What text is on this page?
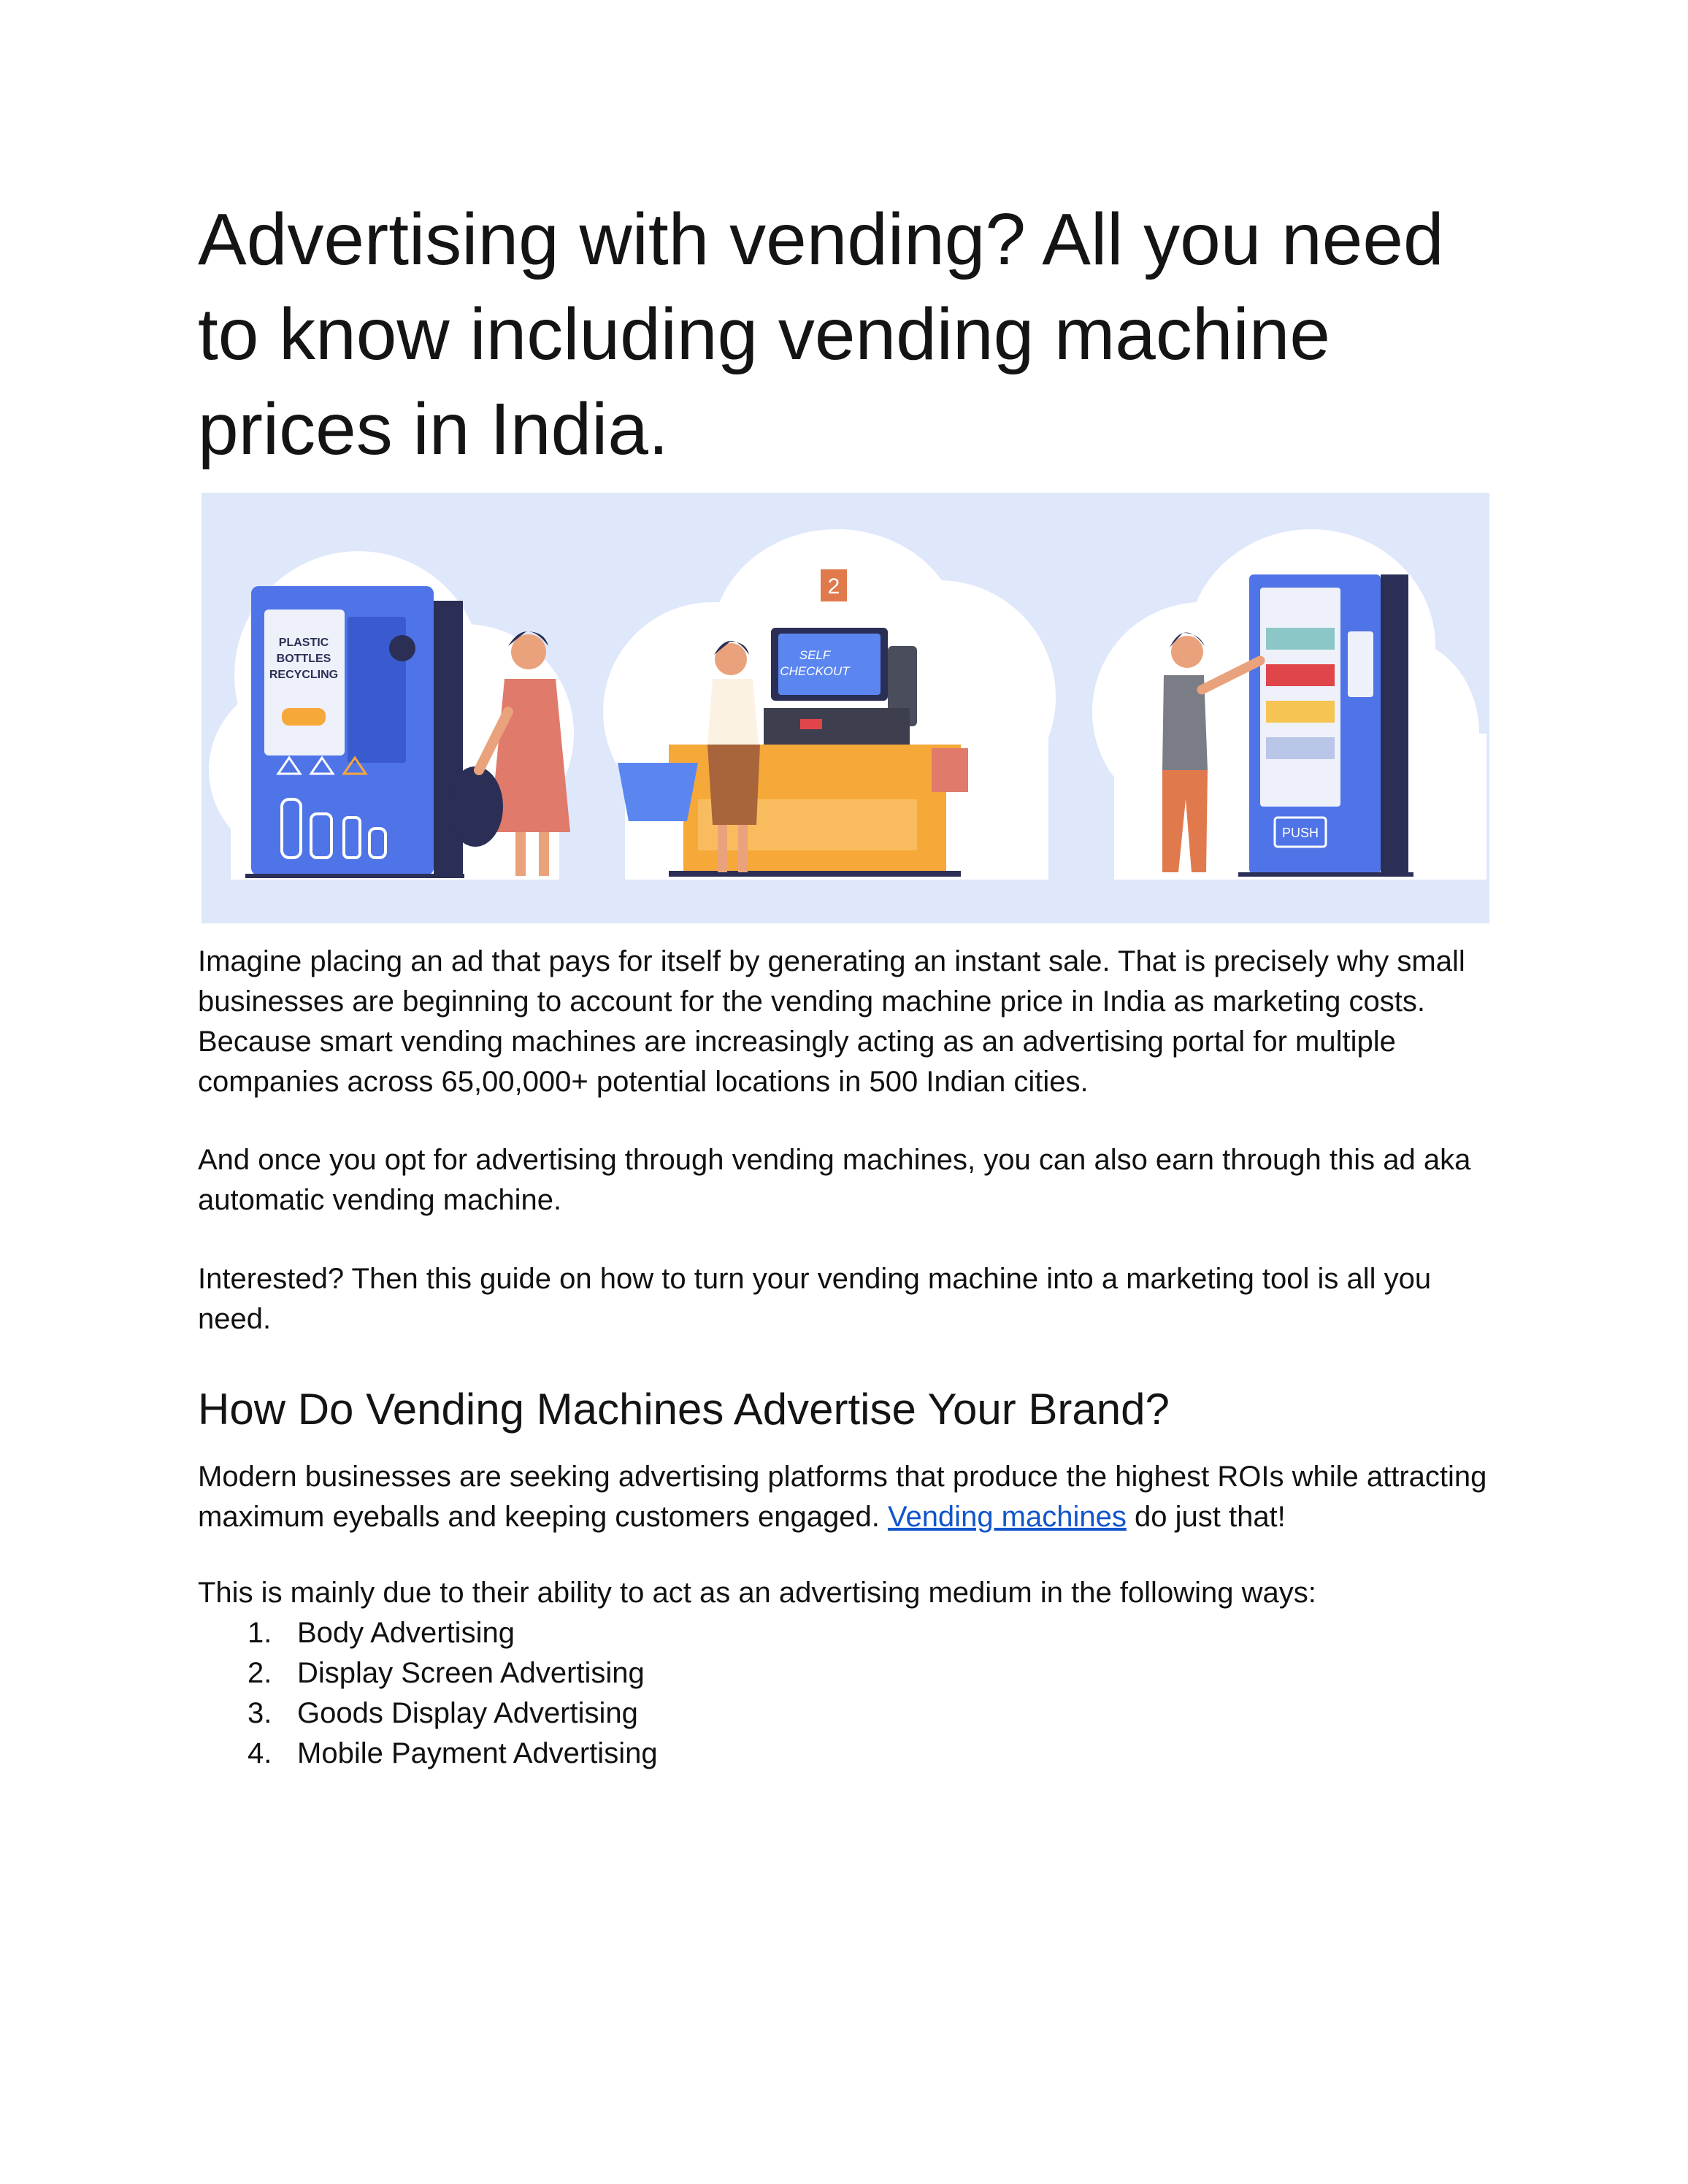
Advertising with vending? All you need to know including vending machine prices in India.
PLASTIC
BOTTLES
RECYCLING
2
SELF
CHECKOUT
PUSH

Imagine placing an ad that pays for itself by generating an instant sale. That is precisely why small businesses are beginning to account for the vending machine price in India as marketing costs. Because smart vending machines are increasingly acting as an advertising portal for multiple companies across 65,00,000+ potential locations in 500 Indian cities.

And once you opt for advertising through vending machines, you can also earn through this ad aka automatic vending machine.

Interested? Then this guide on how to turn your vending machine into a marketing tool is all you need.

How Do Vending Machines Advertise Your Brand?

Modern businesses are seeking advertising platforms that produce the highest ROIs while attracting maximum eyeballs and keeping customers engaged. Vending machines do just that!

This is mainly due to their ability to act as an advertising medium in the following ways:

1. Body Advertising
2. Display Screen Advertising
3. Goods Display Advertising
4. Mobile Payment Advertising
